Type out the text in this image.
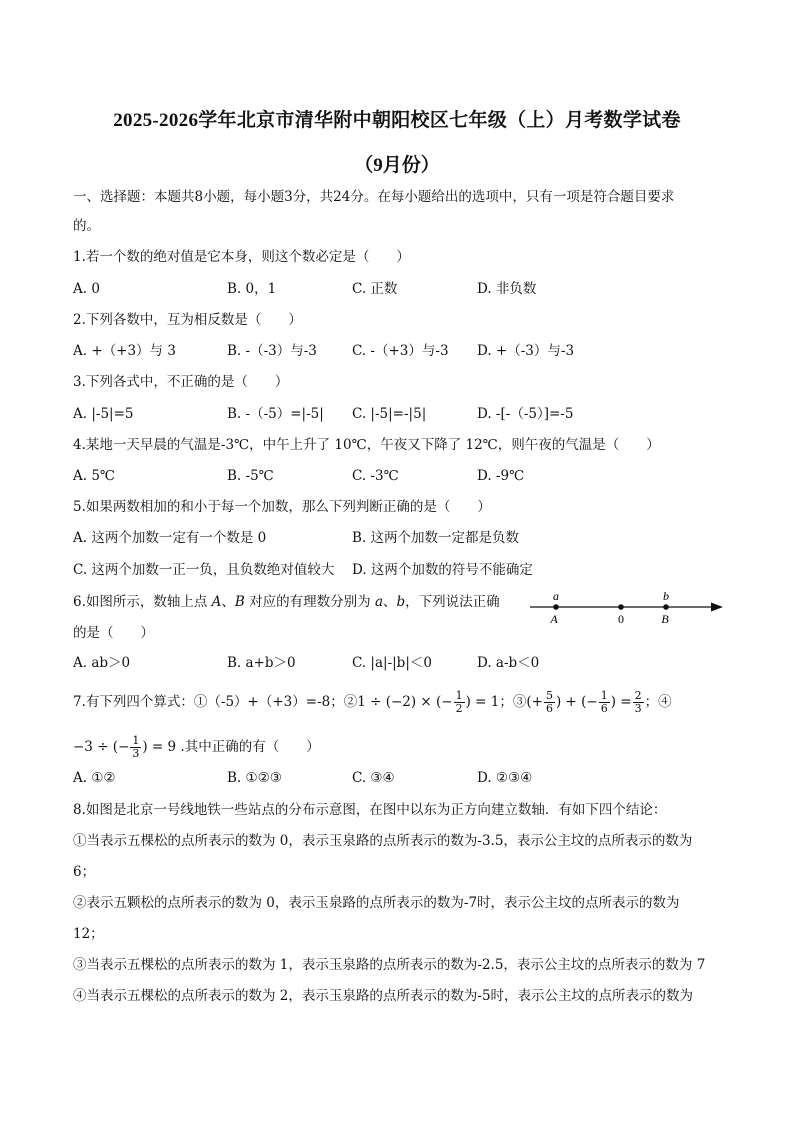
2025-2026学年北京市清华附中朝阳校区七年级（上）月考数学试卷
（9月份）
一、选择题：本题共8小题，每小题3分，共24分。在每小题给出的选项中，只有一项是符合题目要求
的。
1.若一个数的绝对值是它本身，则这个数必定是（　　）
A. 0	B. 0，1	C. 正数	D. 非负数
2.下列各数中，互为相反数是（　　）
A. +（+3）与 3	B. -（-3）与-3	C. -（+3）与-3 D. +（-3）与-3
3.下列各式中，不正确的是（　　）
A. |-5|=5	B. -（-5）=|-5| C. |-5|=-|5|	D. -[-（-5）]=-5
4.某地一天早晨的气温是-3℃，中午上升了 10℃，午夜又下降了 12℃，则午夜的气温是（　　）
A. 5℃	B. -5℃	C. -3℃	D. -9℃
5.如果两数相加的和小于每一个加数，那么下列判断正确的是（　　）
A. 这两个加数一定有一个数是 0	B. 这两个加数一定都是负数
C. 这两个加数一正一负，且负数绝对值较大 D. 这两个加数的符号不能确定
6.如图所示，数轴上点 A、B 对应的有理数分别为 a、b，下列说法正确
的是（　　）
a
A	0
b
B
A. ab＞0	B. a+b＞0	C. |a|-|b|＜0	D. a-b＜0
7.有下列四个算式：①（-5）+（+3）=-8；②1 ÷ (−2) × (− $\frac{1}{2}$ ) = 1；③(+ $\frac{5}{6}$ ) + (− $\frac{1}{6}$ ) = $\frac{2}{3}$ ；④
−3 ÷ (− $\frac{1}{3}$ ) = 9 .其中正确的有（　　）
A. ①②	B. ①②③	C. ③④	D. ②③④
8.如图是北京一号线地铁一些站点的分布示意图，在图中以东为正方向建立数轴．有如下四个结论：
①当表示五棵松的点所表示的数为 0，表示玉泉路的点所表示的数为-3.5，表示公主坟的点所表示的数为
6；
②表示五颗松的点所表示的数为 0，表示玉泉路的点所表示的数为-7时，表示公主坟的点所表示的数为
12；
③当表示五棵松的点所表示的数为 1，表示玉泉路的点所表示的数为-2.5，表示公主坟的点所表示的数为 7
④当表示五棵松的点所表示的数为 2，表示玉泉路的点所表示的数为-5时，表示公主坟的点所表示的数为
